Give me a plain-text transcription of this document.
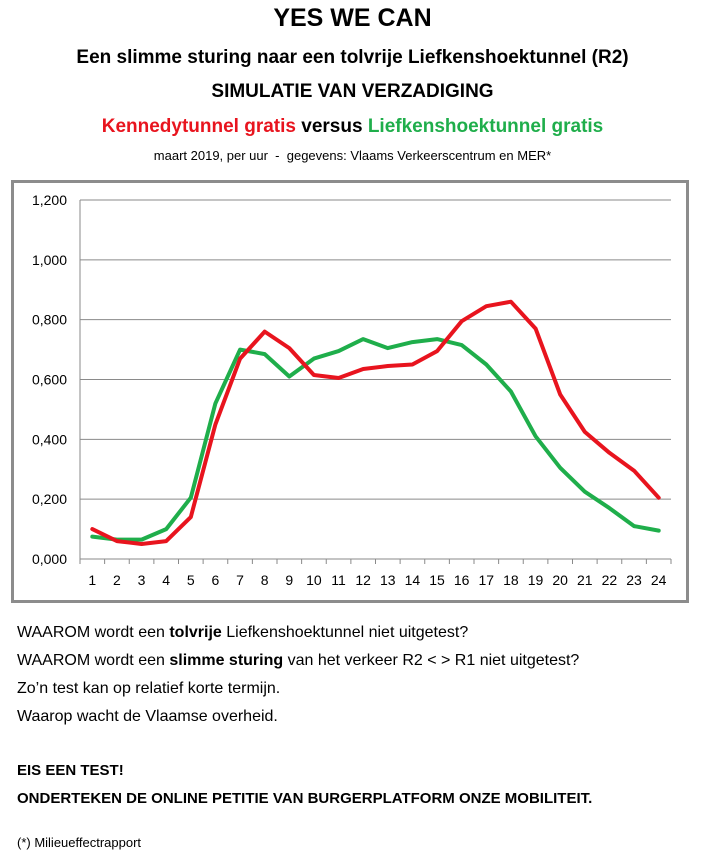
YES WE CAN
Een slimme sturing naar een tolvrije Liefkenshoektunnel (R2)
SIMULATIE VAN VERZADIGING
Kennedytunnel gratis versus Liefkenshoektunnel gratis
maart 2019, per uur  -  gegevens: Vlaams Verkeerscentrum en MER*
0,000
0,200
0,400
0,600
0,800
1,000
1,200
1 2 3 4 5 6 7 8 9 10 11 12 13 14 15 16 17 18 19 20 21 22 23 24
WAAROM wordt een tolvrije Liefkenshoektunnel niet uitgetest?
WAAROM wordt een slimme sturing van het verkeer R2 < > R1 niet uitgetest?
Zo’n test kan op relatief korte termijn.
Waarop wacht de Vlaamse overheid.
EIS EEN TEST!
ONDERTEKEN DE ONLINE PETITIE VAN BURGERPLATFORM ONZE MOBILITEIT.
(*) Milieueffectrapport
